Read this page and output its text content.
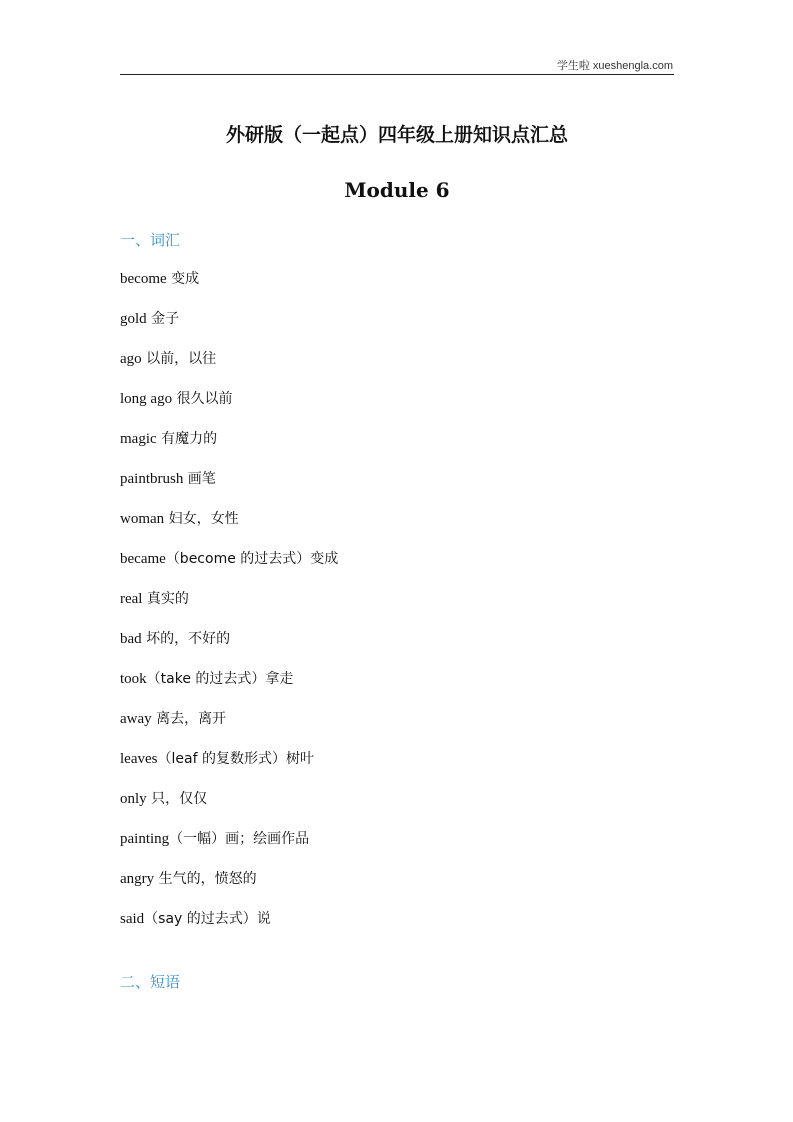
学生啦 xueshengla.com
外研版（一起点）四年级上册知识点汇总
Module 6
一、词汇
become 变成
gold 金子
ago 以前，以往
long ago 很久以前
magic 有魔力的
paintbrush 画笔
woman 妇女，女性
became（become 的过去式）变成
real 真实的
bad 坏的，不好的
took（take 的过去式）拿走
away 离去，离开
leaves（leaf 的复数形式）树叶
only 只，仅仅
painting（一幅）画；绘画作品
angry 生气的，愤怒的
said（say 的过去式）说
二、短语
